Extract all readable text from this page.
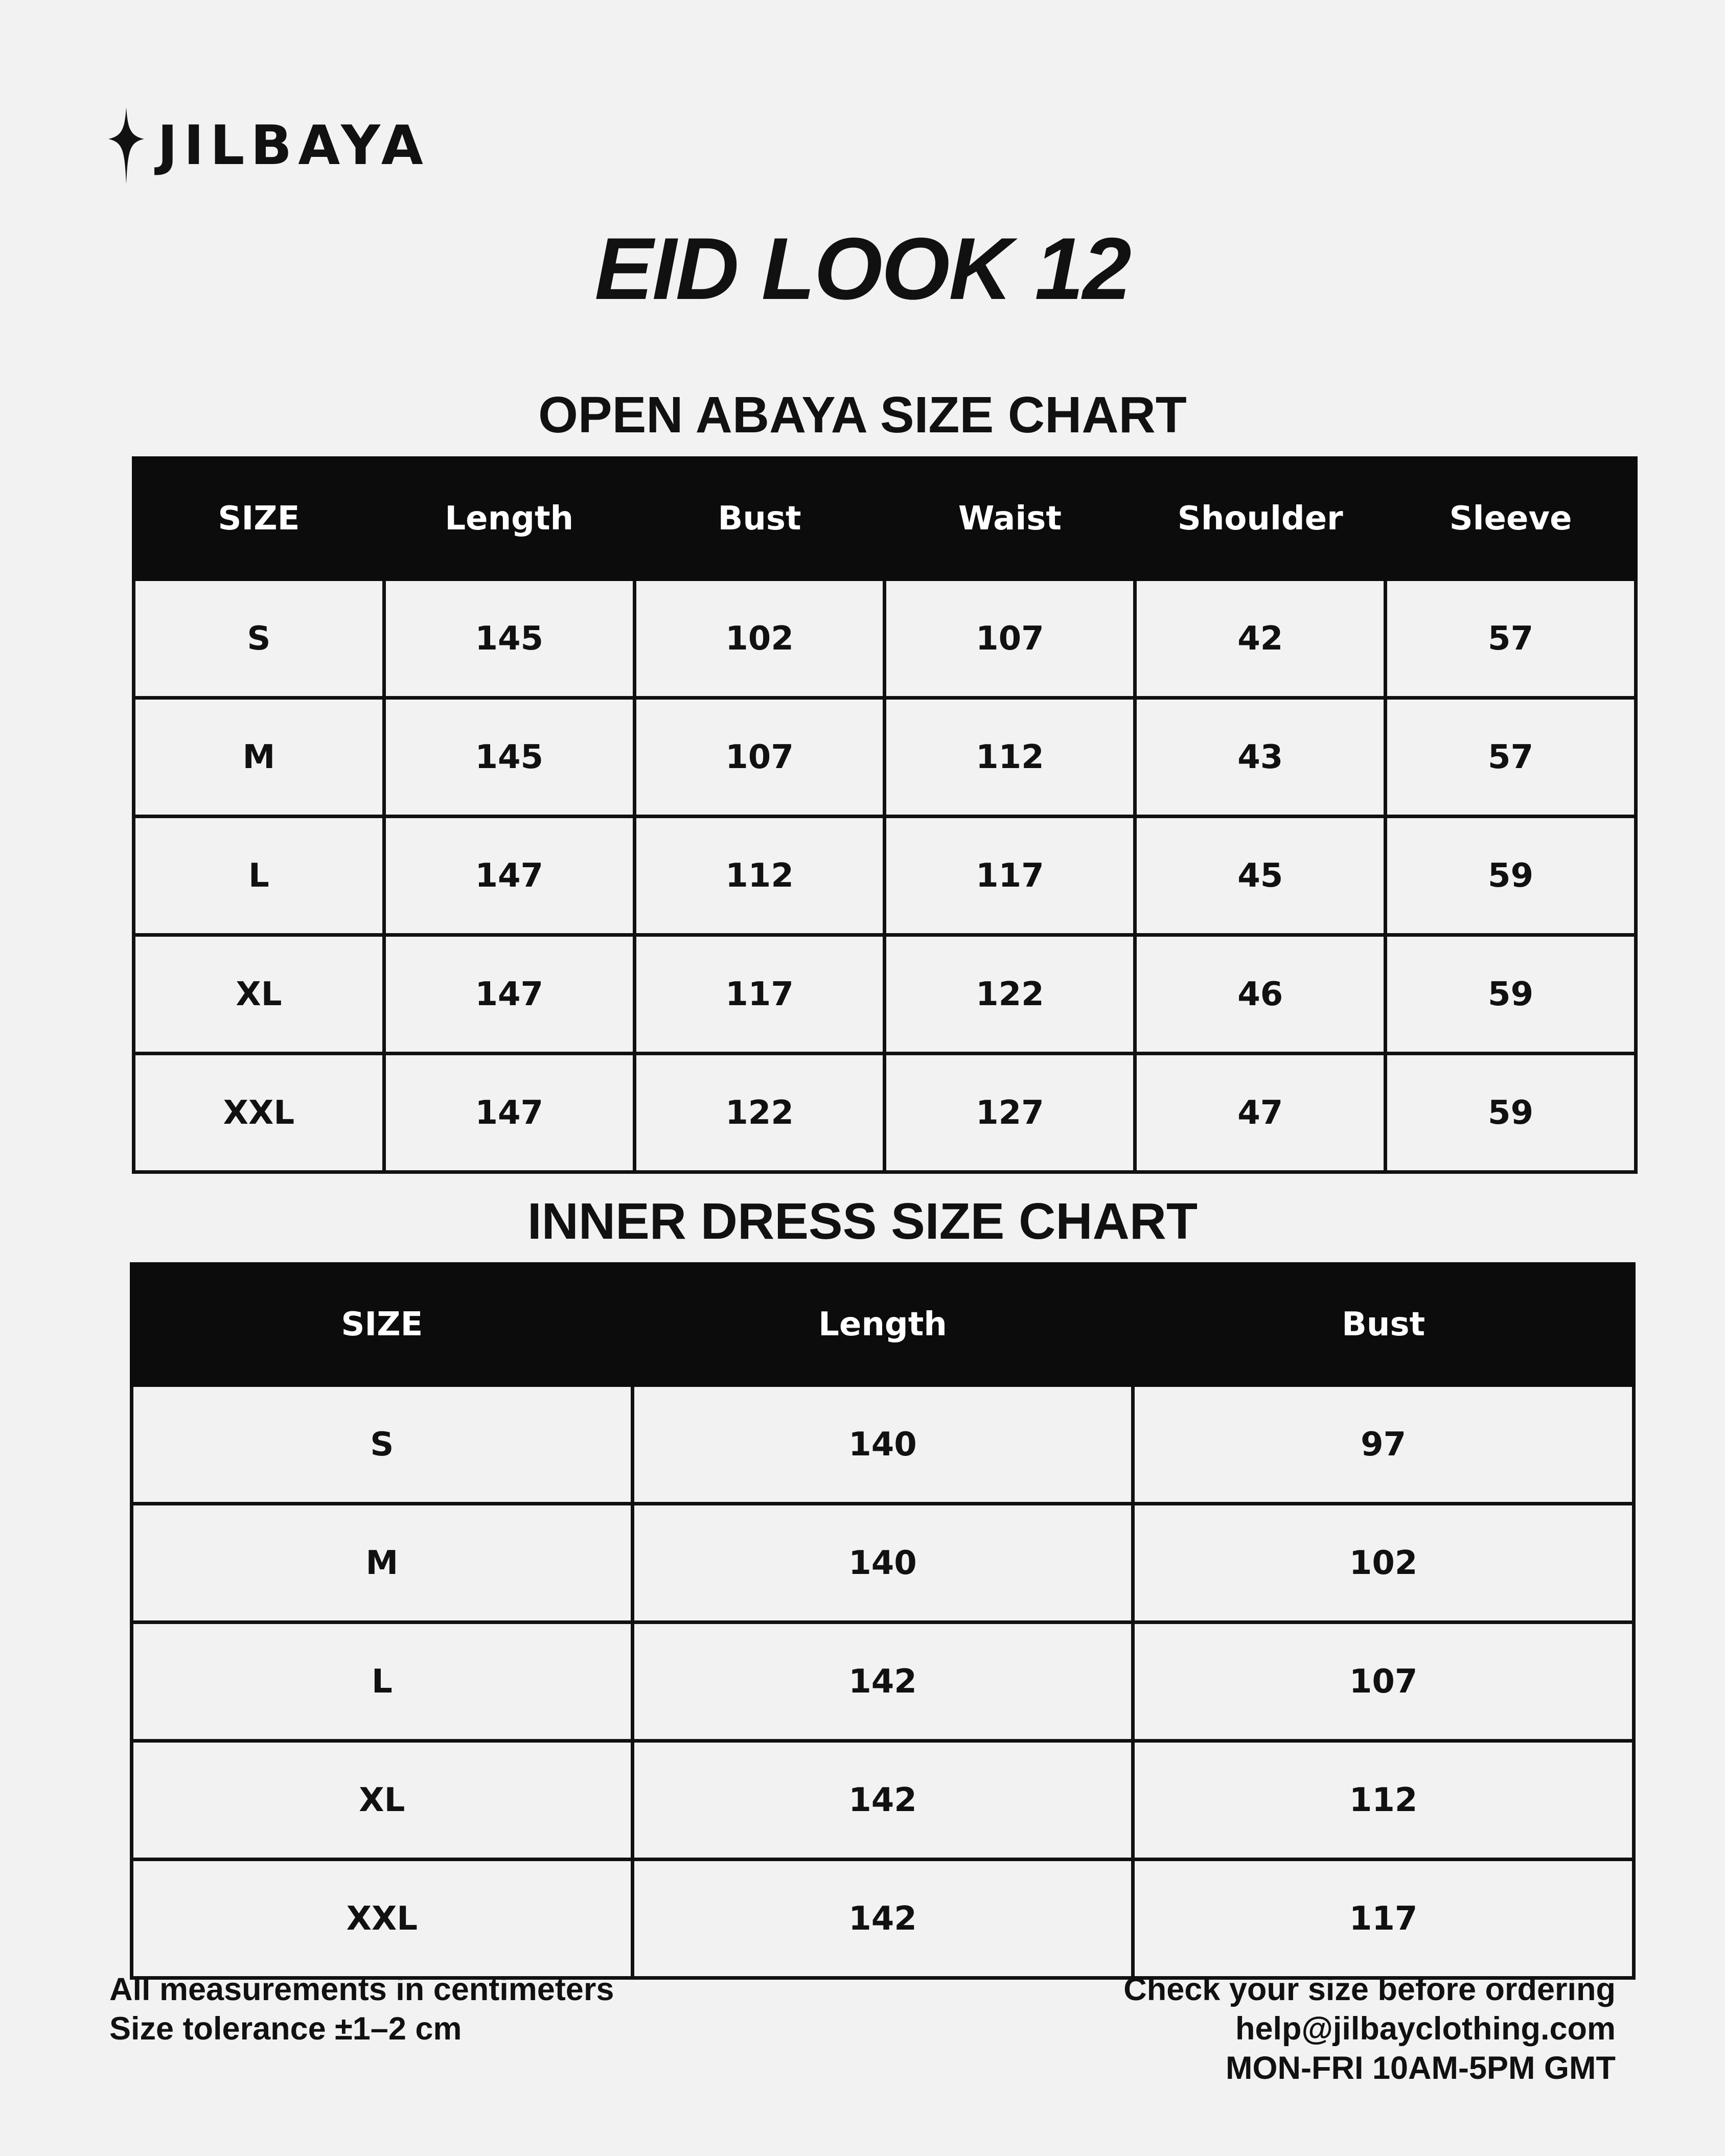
JILBAYA
EID LOOK 12
OPEN ABAYA SIZE CHART
SIZE	Length	Bust	Waist	Shoulder	Sleeve
S	145	102	107	42	57
M	145	107	112	43	57
L	147	112	117	45	59
XL	147	117	122	46	59
XXL	147	122	127	47	59
INNER DRESS SIZE CHART
SIZE	Length	Bust
S	140	97
M	140	102
L	142	107
XL	142	112
XXL	142	117
All measurements in centimeters
Size tolerance ±1–2 cm
Check your size before ordering
help@jilbayclothing.com
MON-FRI 10AM-5PM GMT
